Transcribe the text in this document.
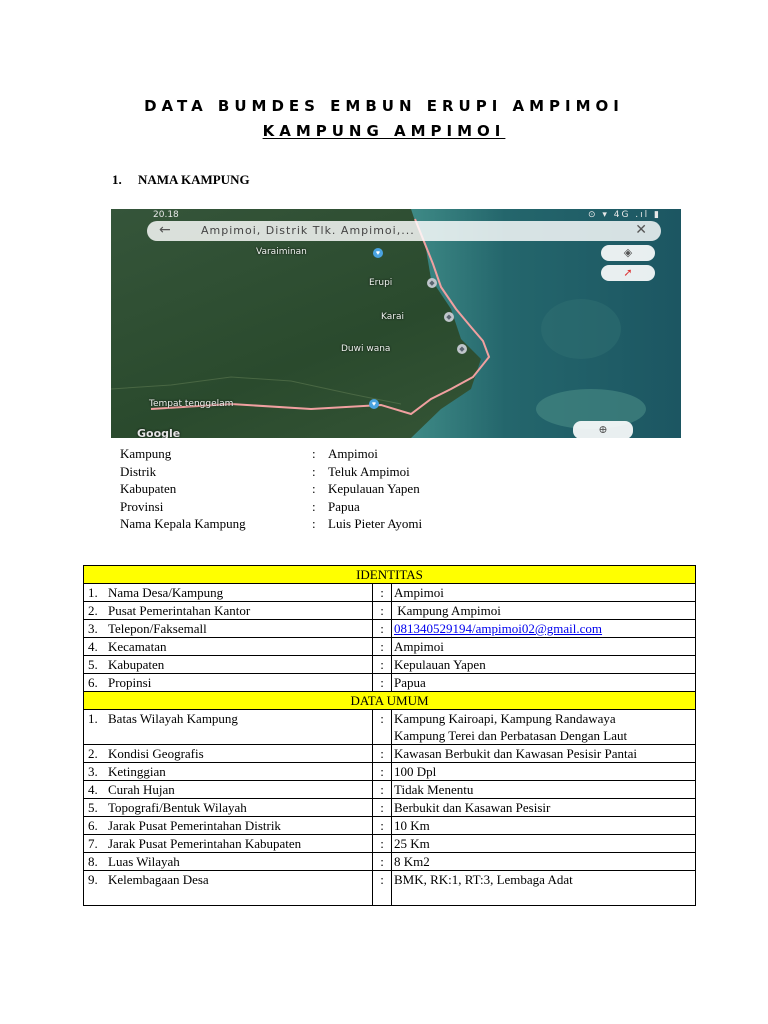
DATA BUMDES EMBUN ERUPI AMPIMOI
KAMPUNG AMPIMOI
1. NAMA KAMPUNG
20.18	⊙ ▾ 4G .ıl ▮
←	Ampimoi, Distrik Tlk. Ampimoi,...	✕
◈
➚
⊕
Varaiminan	♥
Erupi	◆
Karai	◆
Duwi wana	◆
Tempat tenggelam	♥
Google
Kampung	: Ampimoi
Distrik	: Teluk Ampimoi
Kabupaten	: Kepulauan Yapen
Provinsi	: Papua
Nama Kepala Kampung	: Luis Pieter Ayomi
IDENTITAS		
1. Nama Desa/Kampung	:	Ampimoi
2. Pusat Pemerintahan Kantor	:	Kampung Ampimoi
3. Telepon/Faksemall	:	081340529194/ampimoi02@gmail.com
4. Kecamatan	:	Ampimoi
5. Kabupaten	:	Kepulauan Yapen
6. Propinsi	:	Papua
DATA UMUM		
1. Batas Wilayah Kampung	:	Kampung Kairoapi, Kampung Randawaya
Kampung Terei dan Perbatasan Dengan Laut

2. Kondisi Geografis	:	Kawasan Berbukit dan Kawasan Pesisir Pantai
3. Ketinggian	:	100 Dpl
4. Curah Hujan	:	Tidak Menentu
5. Topografi/Bentuk Wilayah	:	Berbukit dan Kasawan Pesisir
6. Jarak Pusat Pemerintahan Distrik	:	10 Km
7. Jarak Pusat Pemerintahan Kabupaten	:	25 Km
8. Luas Wilayah	:	8 Km2
9. Kelembagaan Desa	:	BMK, RK:1, RT:3, Lembaga Adat
